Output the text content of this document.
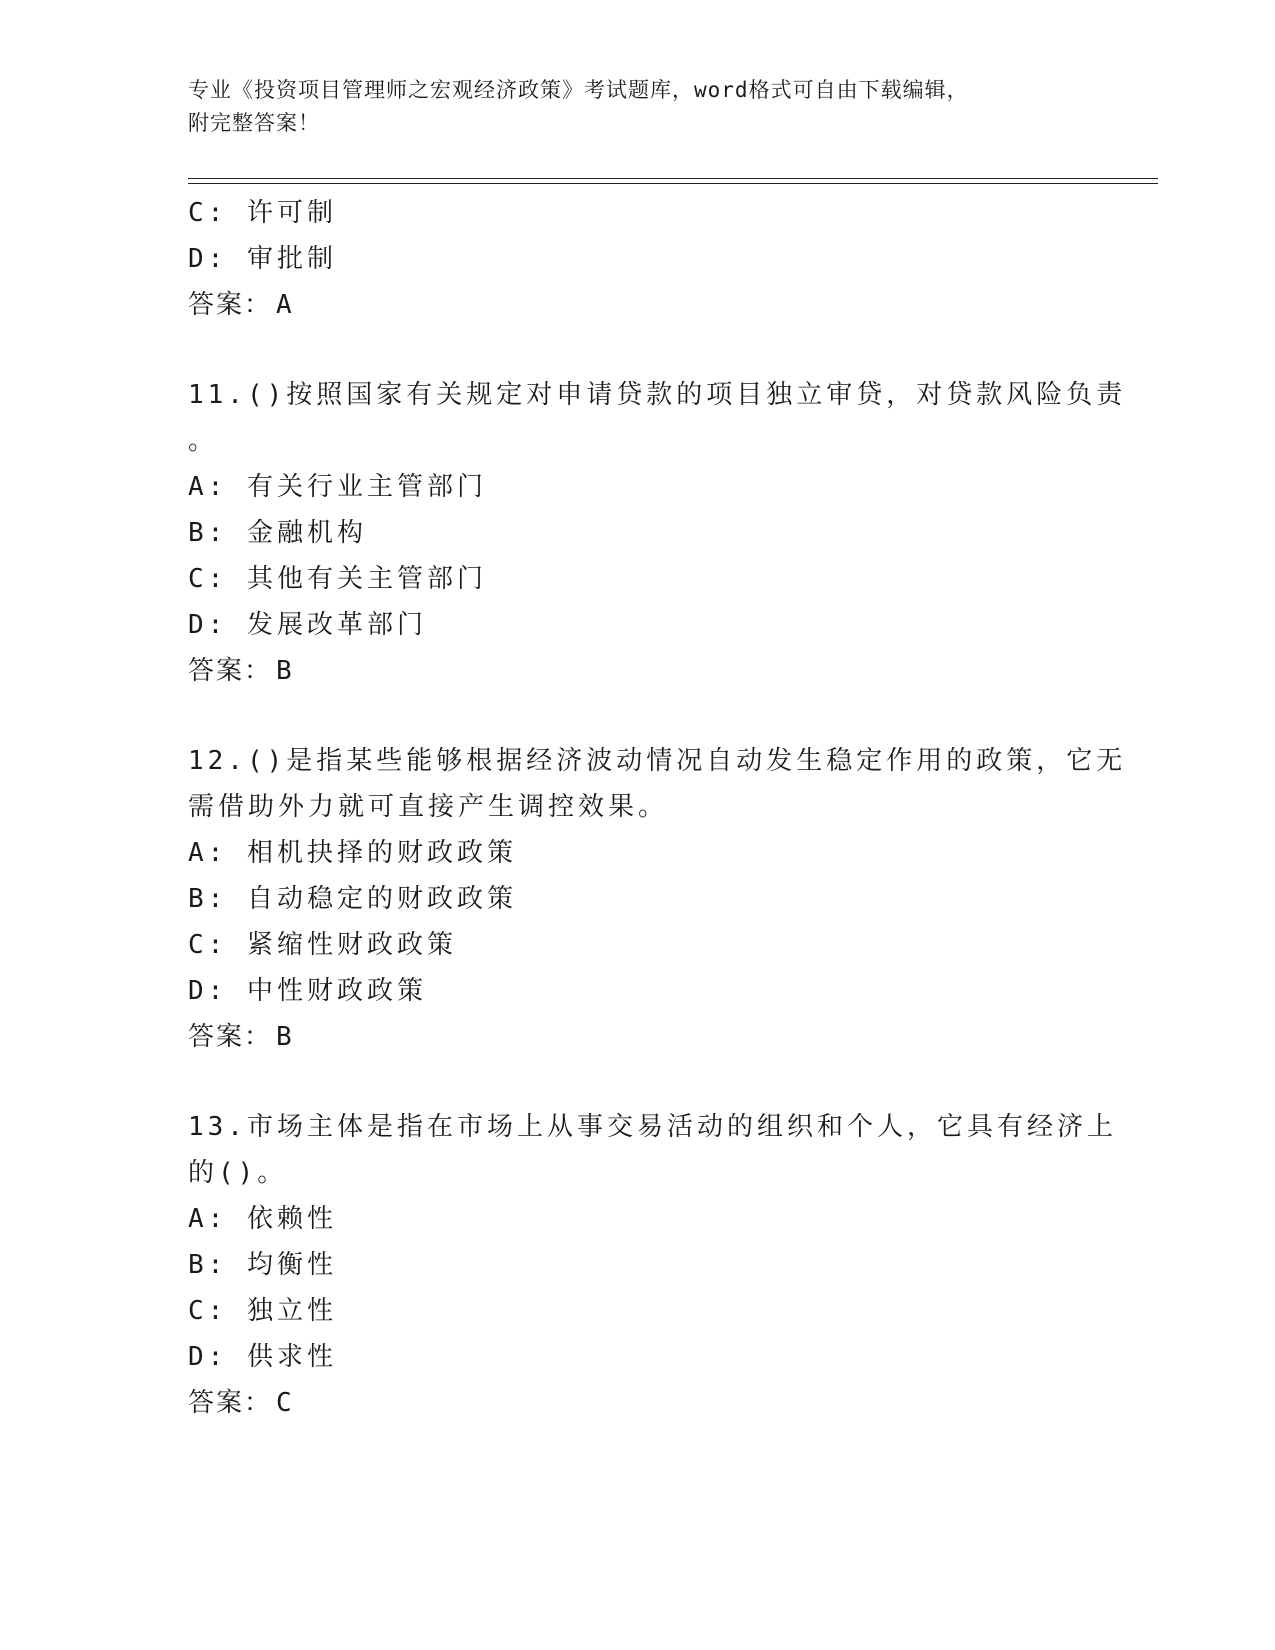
专业《投资项目管理师之宏观经济政策》考试题库，word格式可自由下载编辑，
附完整答案！
C: 许可制
D: 审批制
答案： A
11.()按照国家有关规定对申请贷款的项目独立审贷，对贷款风险负责
。
A: 有关行业主管部门
B: 金融机构
C: 其他有关主管部门
D: 发展改革部门
答案： B
12.()是指某些能够根据经济波动情况自动发生稳定作用的政策，它无
需借助外力就可直接产生调控效果。
A: 相机抉择的财政政策
B: 自动稳定的财政政策
C: 紧缩性财政政策
D: 中性财政政策
答案： B
13.市场主体是指在市场上从事交易活动的组织和个人，它具有经济上
的()。
A: 依赖性
B: 均衡性
C: 独立性
D: 供求性
答案： C
